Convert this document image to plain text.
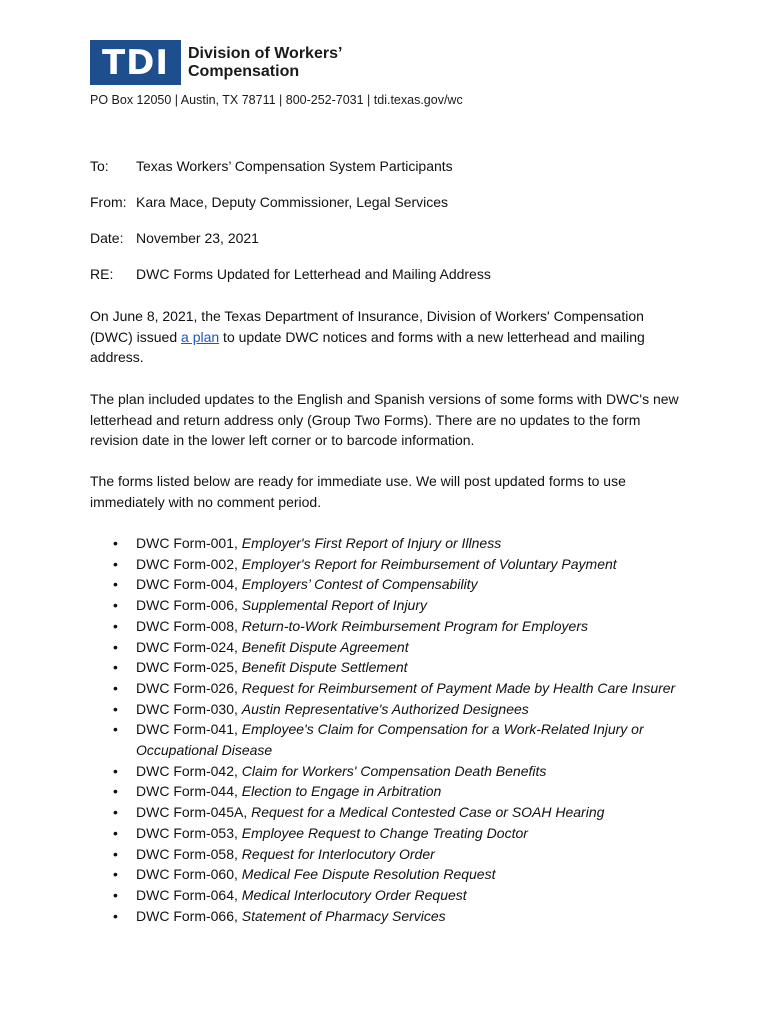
TDI	Division of Workers’
Compensation
PO Box 12050 | Austin, TX 78711 | 800-252-7031 | tdi.texas.gov/wc
To: Texas Workers’ Compensation System Participants
From: Kara Mace, Deputy Commissioner, Legal Services
Date: November 23, 2021
RE: DWC Forms Updated for Letterhead and Mailing Address
On June 8, 2021, the Texas Department of Insurance, Division of Workers' Compensation (DWC) issued a plan to update DWC notices and forms with a new letterhead and mailing address.
The plan included updates to the English and Spanish versions of some forms with DWC's new letterhead and return address only (Group Two Forms). There are no updates to the form revision date in the lower left corner or to barcode information.
The forms listed below are ready for immediate use. We will post updated forms to use immediately with no comment period.
• DWC Form-001, Employer's First Report of Injury or Illness
• DWC Form-002, Employer's Report for Reimbursement of Voluntary Payment
• DWC Form-004, Employers’ Contest of Compensability
• DWC Form-006, Supplemental Report of Injury
• DWC Form-008, Return-to-Work Reimbursement Program for Employers
• DWC Form-024, Benefit Dispute Agreement
• DWC Form-025, Benefit Dispute Settlement
• DWC Form-026, Request for Reimbursement of Payment Made by Health Care Insurer
• DWC Form-030, Austin Representative's Authorized Designees
• DWC Form-041, Employee's Claim for Compensation for a Work-Related Injury or Occupational Disease
• DWC Form-042, Claim for Workers' Compensation Death Benefits
• DWC Form-044, Election to Engage in Arbitration
• DWC Form-045A, Request for a Medical Contested Case or SOAH Hearing
• DWC Form-053, Employee Request to Change Treating Doctor
• DWC Form-058, Request for Interlocutory Order
• DWC Form-060, Medical Fee Dispute Resolution Request
• DWC Form-064, Medical Interlocutory Order Request
• DWC Form-066, Statement of Pharmacy Services
